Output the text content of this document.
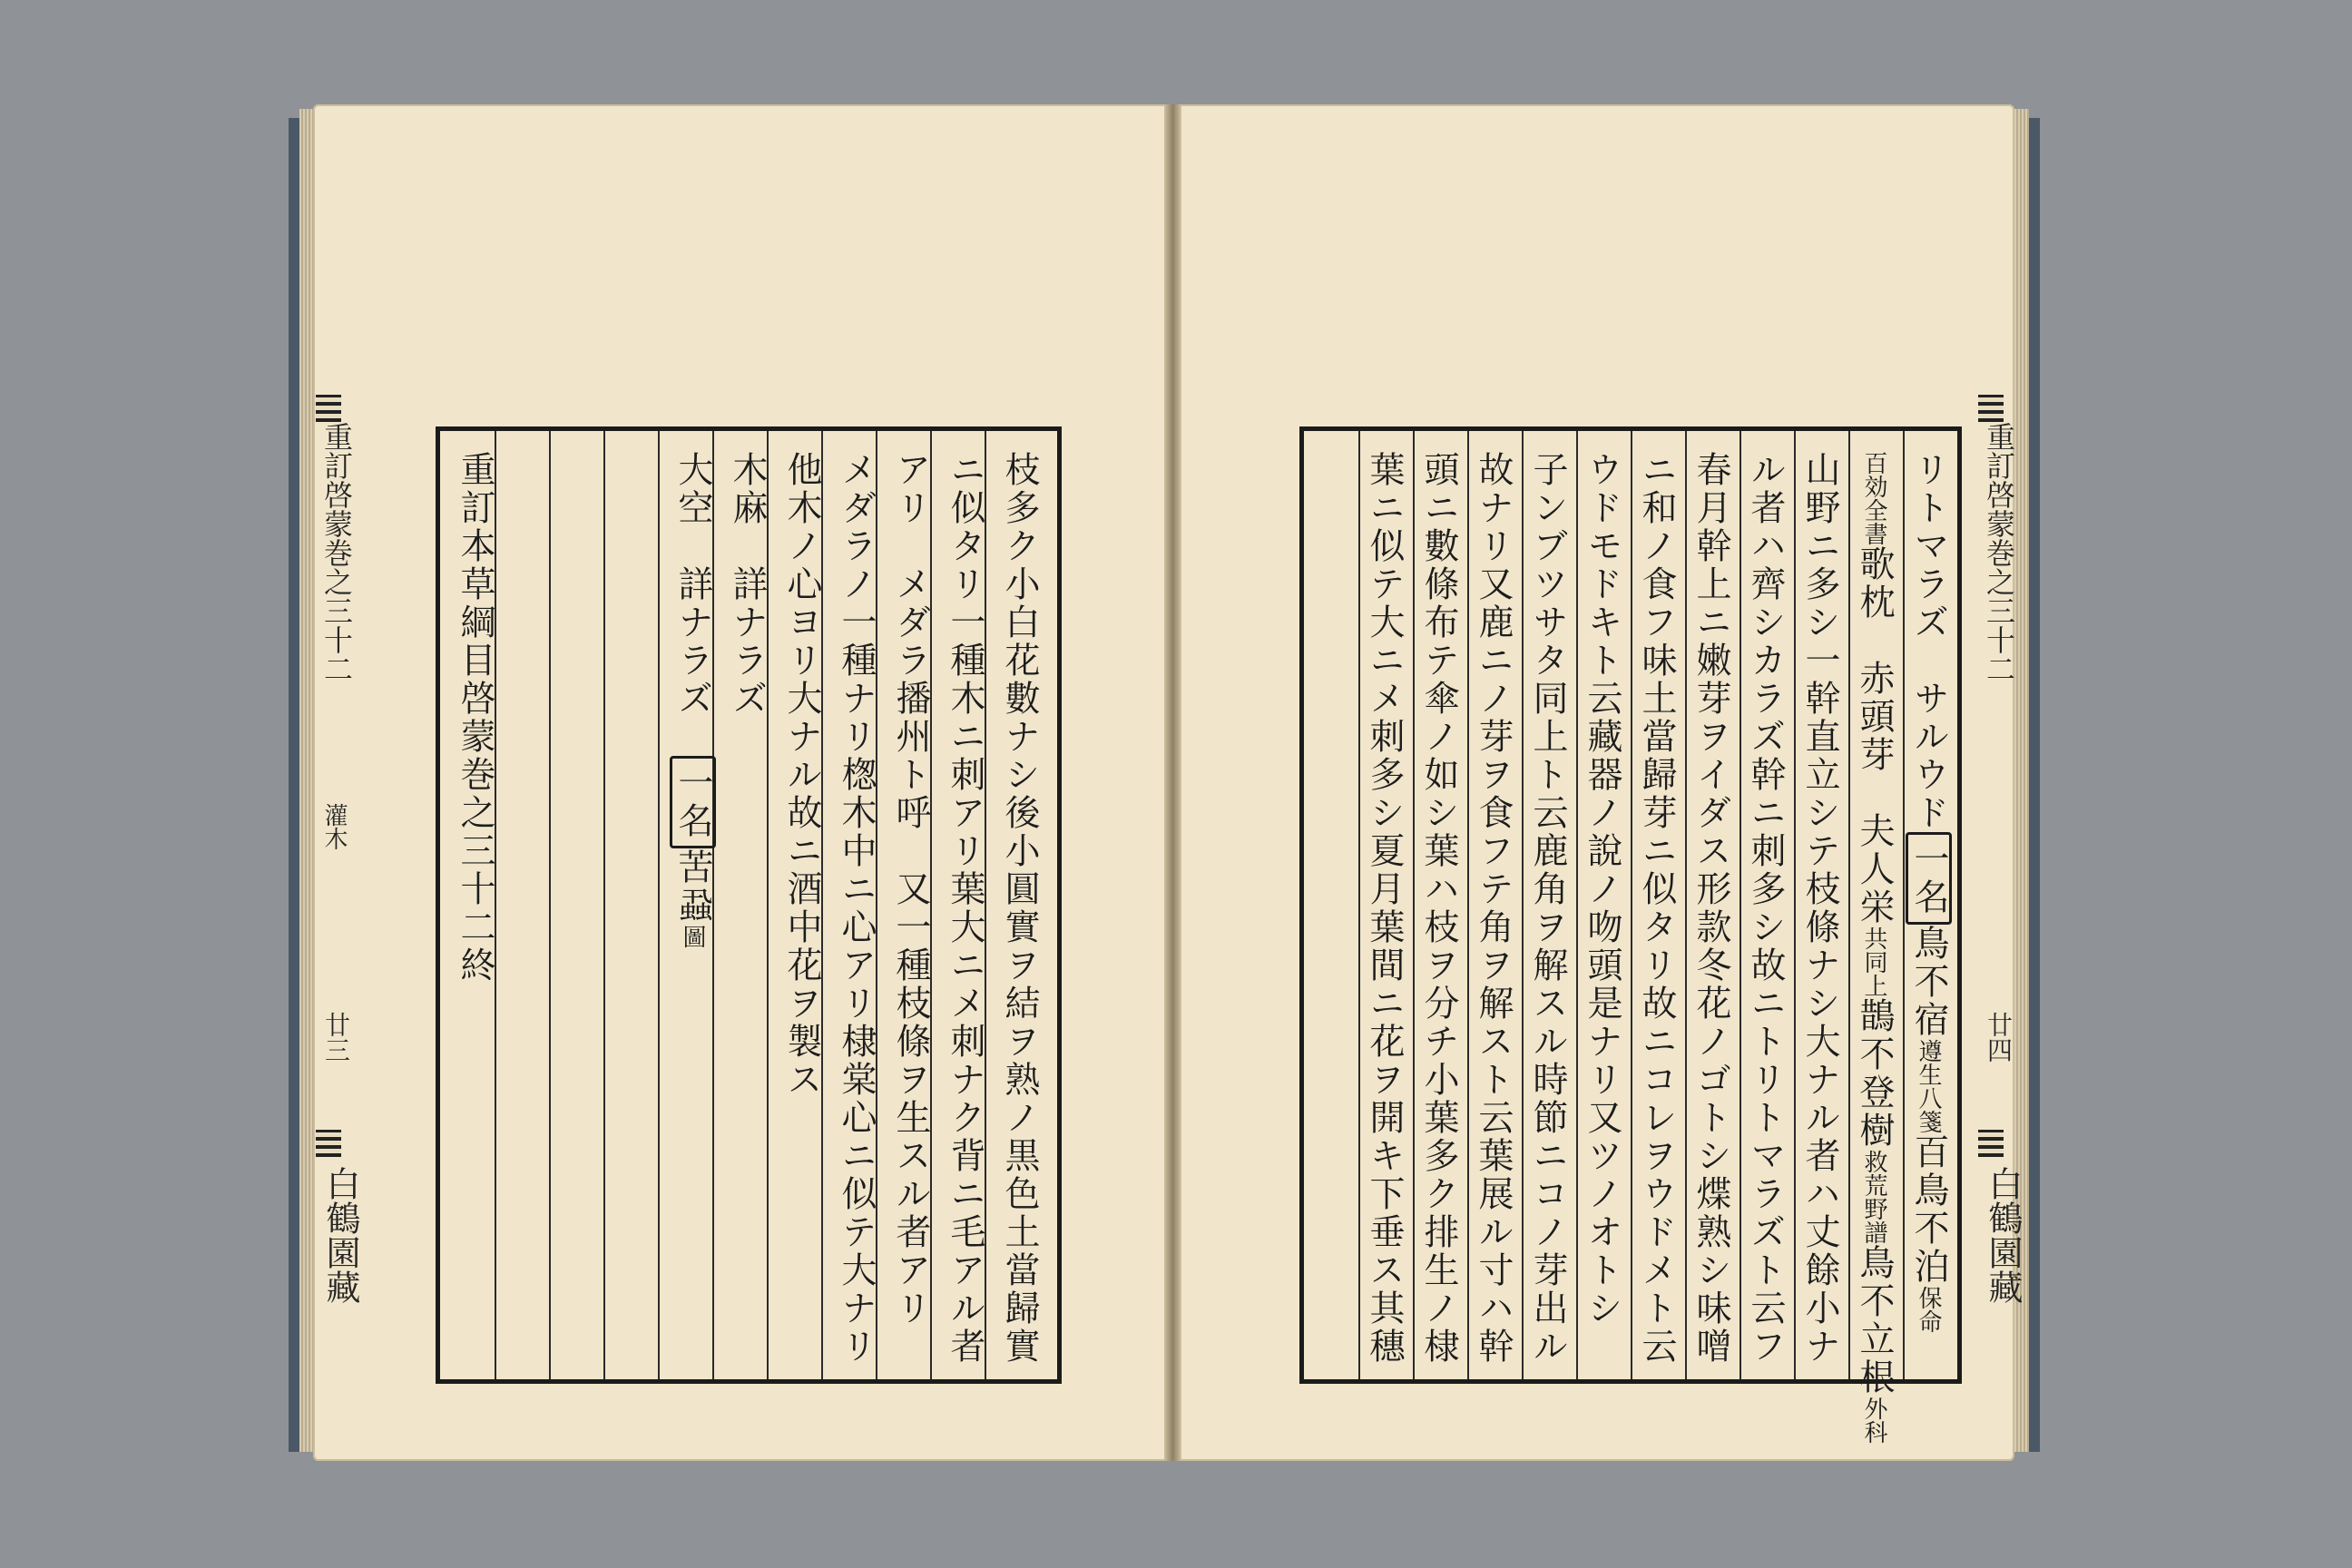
重訂啓蒙巻之三十二
灌木
廿三
白鶴園藏
重訂啓蒙巻之三十二
廿四
白鶴園藏
枝多ク小白花數ナシ後小圓實ヲ結ヲ熟ノ黒色土當歸實
ニ似タリ一種木ニ刺アリ葉大ニメ刺ナク背ニ毛アル者
アリ　メダラ播州ト呼　又一種枝條ヲ生スル者アリ
メダラノ一種ナリ楤木中ニ心アリ棣棠心ニ似テ大ナリ
他木ノ心ヨリ大ナル故ニ酒中花ヲ製ス
木麻　詳ナラズ
大空　詳ナラズ　一名苦蝨圖
重訂本草綱目啓蒙巻之三十二終	リトマラズ　サルウド一名鳥不宿遵生八箋百鳥不泊保命
百効全書歌枕　赤頭芽　夫人栄共同上鵲不登樹救荒野譜鳥不立根外科
山野ニ多シ一幹直立シテ枝條ナシ大ナル者ハ丈餘小ナ
ル者ハ齊シカラズ幹ニ刺多シ故ニトリトマラズト云フ
春月幹上ニ嫩芽ヲイダス形款冬花ノゴトシ煠熟シ味噌
ニ和ノ食フ味土當歸芽ニ似タリ故ニコレヲウドメト云
ウドモドキト云藏器ノ說ノ吻頭是ナリ又ツノオトシ
子ンブツサタ同上ト云鹿角ヲ解スル時節ニコノ芽出ル
故ナリ又鹿ニノ芽ヲ食フテ角ヲ解スト云葉展ル寸ハ幹
頭ニ數條布テ傘ノ如シ葉ハ枝ヲ分チ小葉多ク排生ノ棣
葉ニ似テ大ニメ刺多シ夏月葉間ニ花ヲ開キ下垂ス其穗
